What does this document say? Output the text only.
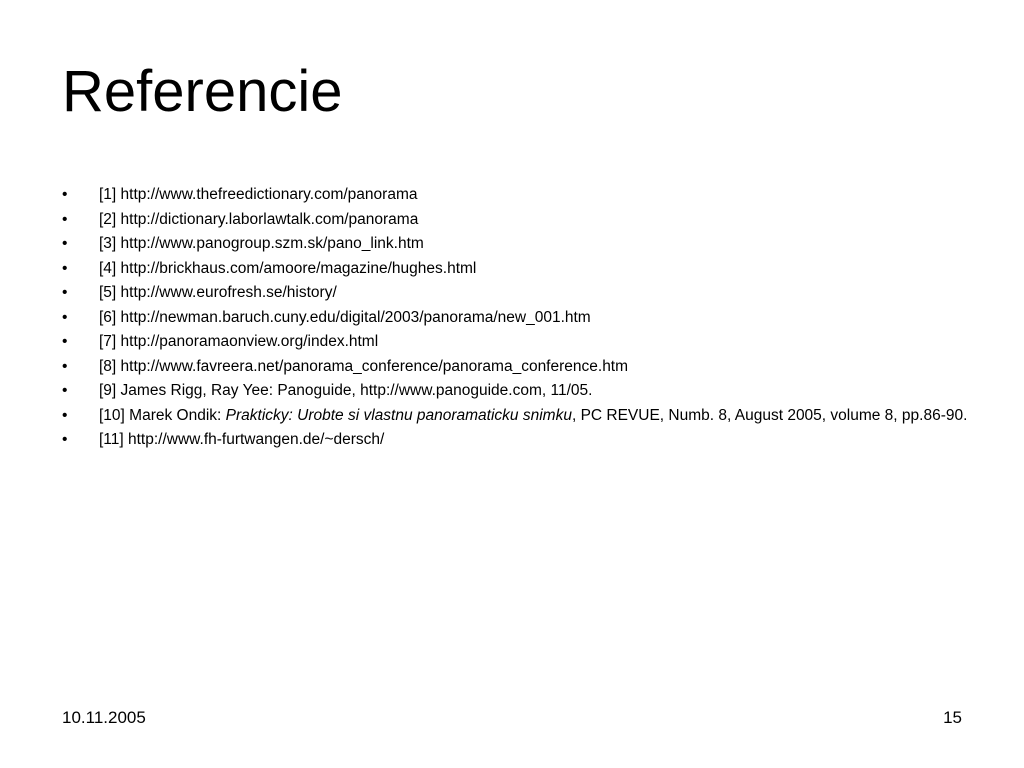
Referencie
• [1] http://www.thefreedictionary.com/panorama
• [2] http://dictionary.laborlawtalk.com/panorama
• [3] http://www.panogroup.szm.sk/pano_link.htm
• [4] http://brickhaus.com/amoore/magazine/hughes.html
• [5] http://www.eurofresh.se/history/
• [6] http://newman.baruch.cuny.edu/digital/2003/panorama/new_001.htm
• [7] http://panoramaonview.org/index.html
• [8] http://www.favreera.net/panorama_conference/panorama_conference.htm
• [9] James Rigg, Ray Yee: Panoguide, http://www.panoguide.com, 11/05.
• [10] Marek Ondik: Prakticky: Urobte si vlastnu panoramaticku snimku, PC REVUE, Numb. 8, August 2005, volume 8, pp.86-90.
• [11] http://www.fh-furtwangen.de/~dersch/
10.11.2005	15
